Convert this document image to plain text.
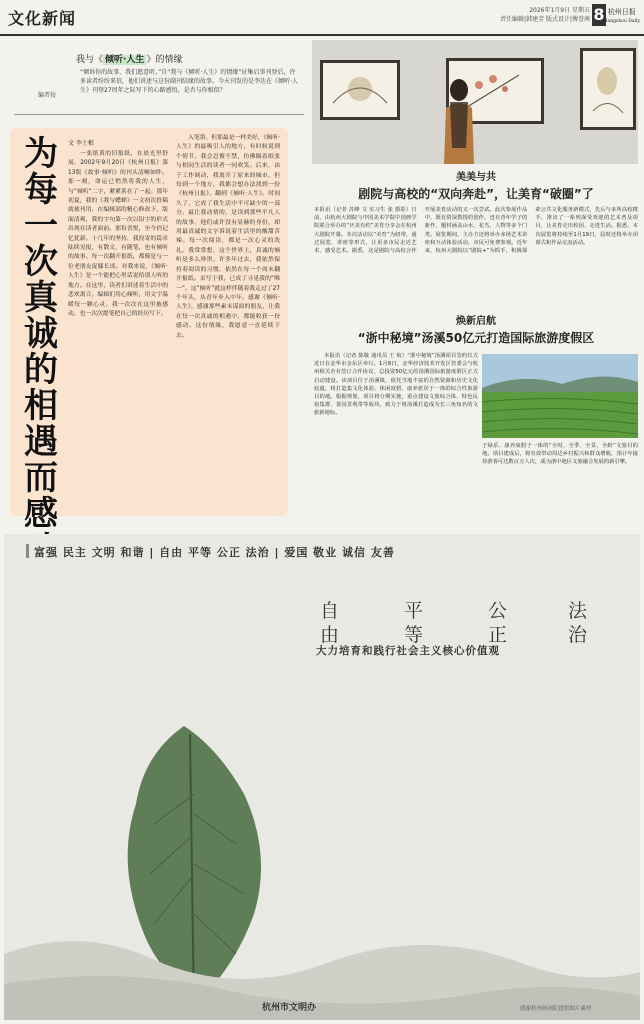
文化新闻	2026年1月9日 星期五
责任编辑|韩建芳 版式设计|傅誉茜 8 杭州日报
Hangzhou Daily
我与《 倾听·人生 》的情缘
“倾诉你的故事，我们愿意听。”自“我与《倾听·人生》的情缘”征集启事刊登后，许多读者纷纷来信，他们讲述与这份副刊结缘的故事。今天刊发的是李达在《倾听·人生》刊登27周年之际写下的心路感悟，是否与你相似？
编者按
为每一次真诚的相遇而感
文 李士根
一张纸黄的旧报纸，在晨光里舒展，2002年9月20日《杭州日报》第13版《故事·倾听》的刊头清晰如昨。那一刻，命运已悄然将我的人生，与“倾听”二字，紧紧系在了一起。那年初夏，我的《我与蟋蟀》一文初次投稿就被刊用，在编辑部的精心修改下，版面清爽，我的字句第一次以铅字的形式出现在读者面前。那份喜悦，至今仍记忆犹新。十几年的坚持，我投寄的篇章陆续见报，有散文，有随笔，也有倾听的故事。每一次翻开报纸，都像是与一位老朋友促膝长谈。对我来说，《倾听·人生》是一个能把心里话说给别人听的地方。在这里，读者们讲述着生活中的悲欢离合，编辑们用心倾听，用文字温暖每一颗心灵。我一次次在这里被感动，也一次次提笔把自己的经历写下。
入笔墨。但那最是一样美好，《倾听·人生》的最吸引人的地方，有时候说到个情节，我会忍俊不禁，仿佛隔着纸张与相同生活的读者一同欢笑。后来，由于工作调动，我离开了原来的城市，但每到一个地方，我都会想办法找到一份《杭州日报》，翻到《倾听·人生》。时间久了，它成了我生活中不可缺少的一部分。最让我动情的，是读到那些平凡人的故事。他们或许没有显赫的身份，却用最真诚的文字诉说着生活里的酸甜苦辣。每一次阅读，都是一次心灵的洗礼。我常常想，这个世界上，真诚的倾听是多么珍贵。许多年过去，我依然保持着阅读的习惯，依然在每一个周末翻开报纸。采写于我，已成了寻觅我的“唯一”。这“倾听”就这样伴随着我走过了27个年头，从青年步入中年。感谢《倾听·人生》，感谢那些素未谋面的朋友，让我在每一次真诚的相遇中，都能收获一份感动。这份情缘，我愿意一直延续下去。
美美与共
剧院与高校的“双向奔赴”，让美育“破圈”了
本报讯（记者 苏峰 文 实习生 张 摄影）日前，由杭州大剧院与中国美术学院中国画学院联合举办的“庆美有约”美育分享会在杭州大剧院开幕。本次活动以“美育”为纽带，通过展览、讲座等形式，让更多市民走近艺术、感受艺术。据悉，这是剧院与高校合作开展美育活动的又一次尝试。此次参展作品中，既有资深教授的创作，也有青年学子的新作，题材涵盖山水、花鸟、人物等多个门类。展览期间，主办方还将举办多场艺术讲座和互动体验活动，市民可免费参观。近年来，杭州大剧院以“剧院+”为抓手，积极探索公共文化服务新模式，先后与多所高校携手，推出了一系列深受欢迎的艺术普及项目，让美育走出校园、走进生活。据悉，本次展览将持续至1月19日，届时还将举办闭幕式和作品交流活动。
焕新启航
“浙中秘境”汤溪50亿元打造国际旅游度假区
本报讯（记者 陈敬 通讯员 王 航）“浙中秘境”汤溪项目签约仪式近日在金华市金东区举行。1月8日，金华经济技术开发区管委会与杭州相关企业签订合作协议，总投资50亿元的汤溪国际旅游度假区正式启动建设。该项目位于汤溪镇，依托当地丰富的自然资源和历史文化底蕴，将打造集文化体验、休闲度假、康养旅居于一体的综合性旅游目的地。根据规划，项目将分期实施，重点建设文旅综合体、特色民宿集群、茶园景观带等板块，致力于将汤溪打造成为长三角知名的文旅新地标。
子绿乐、康养度假于一体的“全时、全季、全景、全龄”文旅目的地。项目建成后，将有效带动周边乡村振兴和群众增收，预计年接待游客可达数百万人次，成为浙中地区文旅融合发展的新引擎。
富强 民主 文明 和谐 | 自由 平等 公正 法治 | 爱国 敬业 诚信 友善
自
由
平
等
公
正
法
治
大力培育和践行社会主义核心价值观
杭州市文明办	感谢杭州画画院提供图片素材
